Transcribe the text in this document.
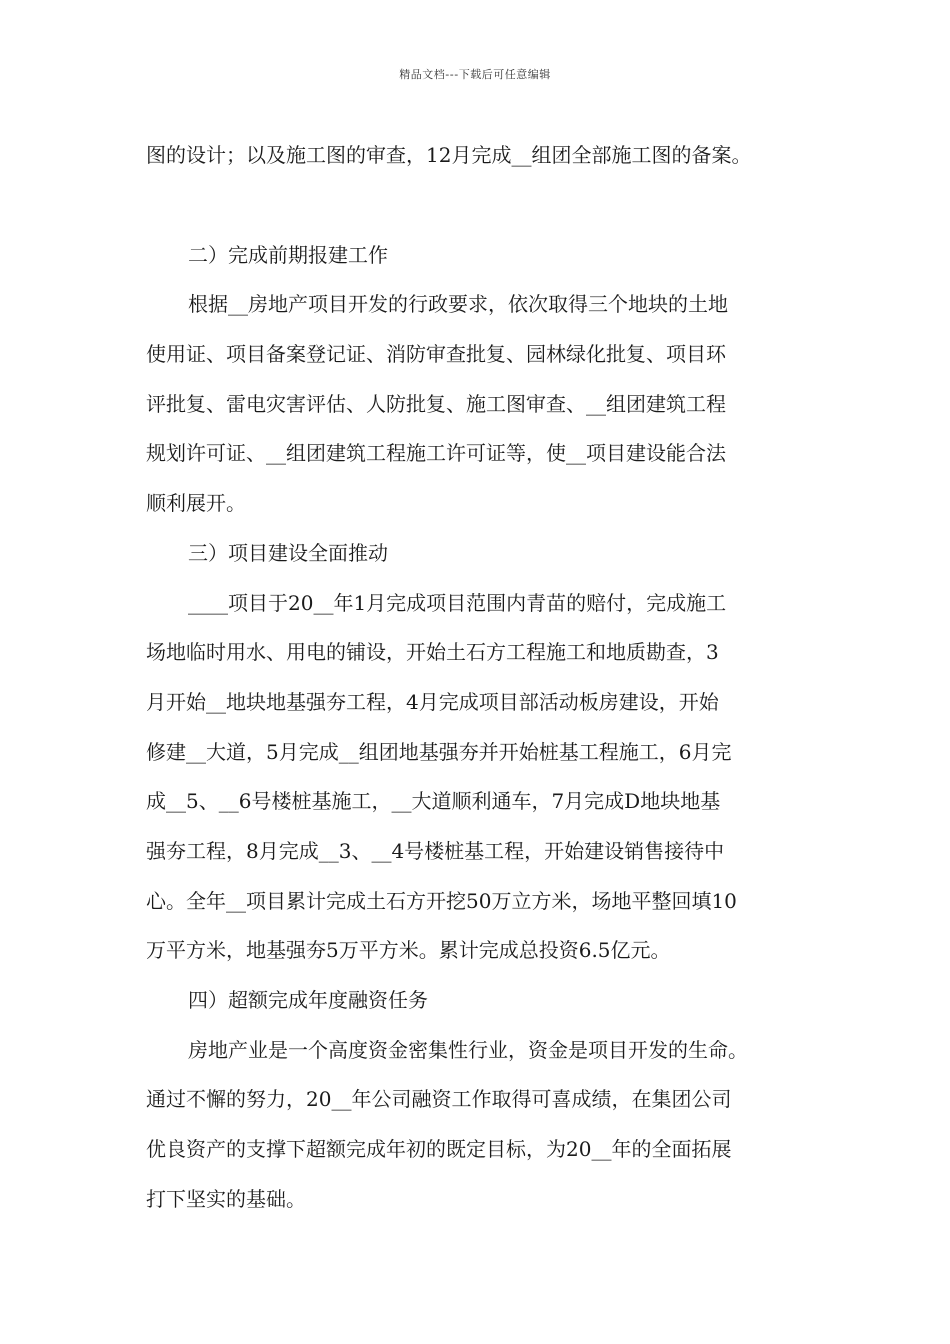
精品文档---下载后可任意编辑
图的设计；以及施工图的审查，12月完成__组团全部施工图的备案。
二）完成前期报建工作
根据__房地产项目开发的行政要求，依次取得三个地块的土地
使用证、项目备案登记证、消防审查批复、园林绿化批复、项目环
评批复、雷电灾害评估、人防批复、施工图审查、__组团建筑工程
规划许可证、__组团建筑工程施工许可证等，使__项目建设能合法
顺利展开。
三）项目建设全面推动
____项目于20__年1月完成项目范围内青苗的赔付，完成施工
场地临时用水、用电的铺设，开始土石方工程施工和地质勘查，3
月开始__地块地基强夯工程，4月完成项目部活动板房建设，开始
修建__大道，5月完成__组团地基强夯并开始桩基工程施工，6月完
成__5、__6号楼桩基施工，__大道顺利通车，7月完成D地块地基
强夯工程，8月完成__3、__4号楼桩基工程，开始建设销售接待中
心。全年__项目累计完成土石方开挖50万立方米，场地平整回填10
万平方米，地基强夯5万平方米。累计完成总投资6.5亿元。
四）超额完成年度融资任务
房地产业是一个高度资金密集性行业，资金是项目开发的生命。
通过不懈的努力，20__年公司融资工作取得可喜成绩，在集团公司
优良资产的支撑下超额完成年初的既定目标，为20__年的全面拓展
打下坚实的基础。
